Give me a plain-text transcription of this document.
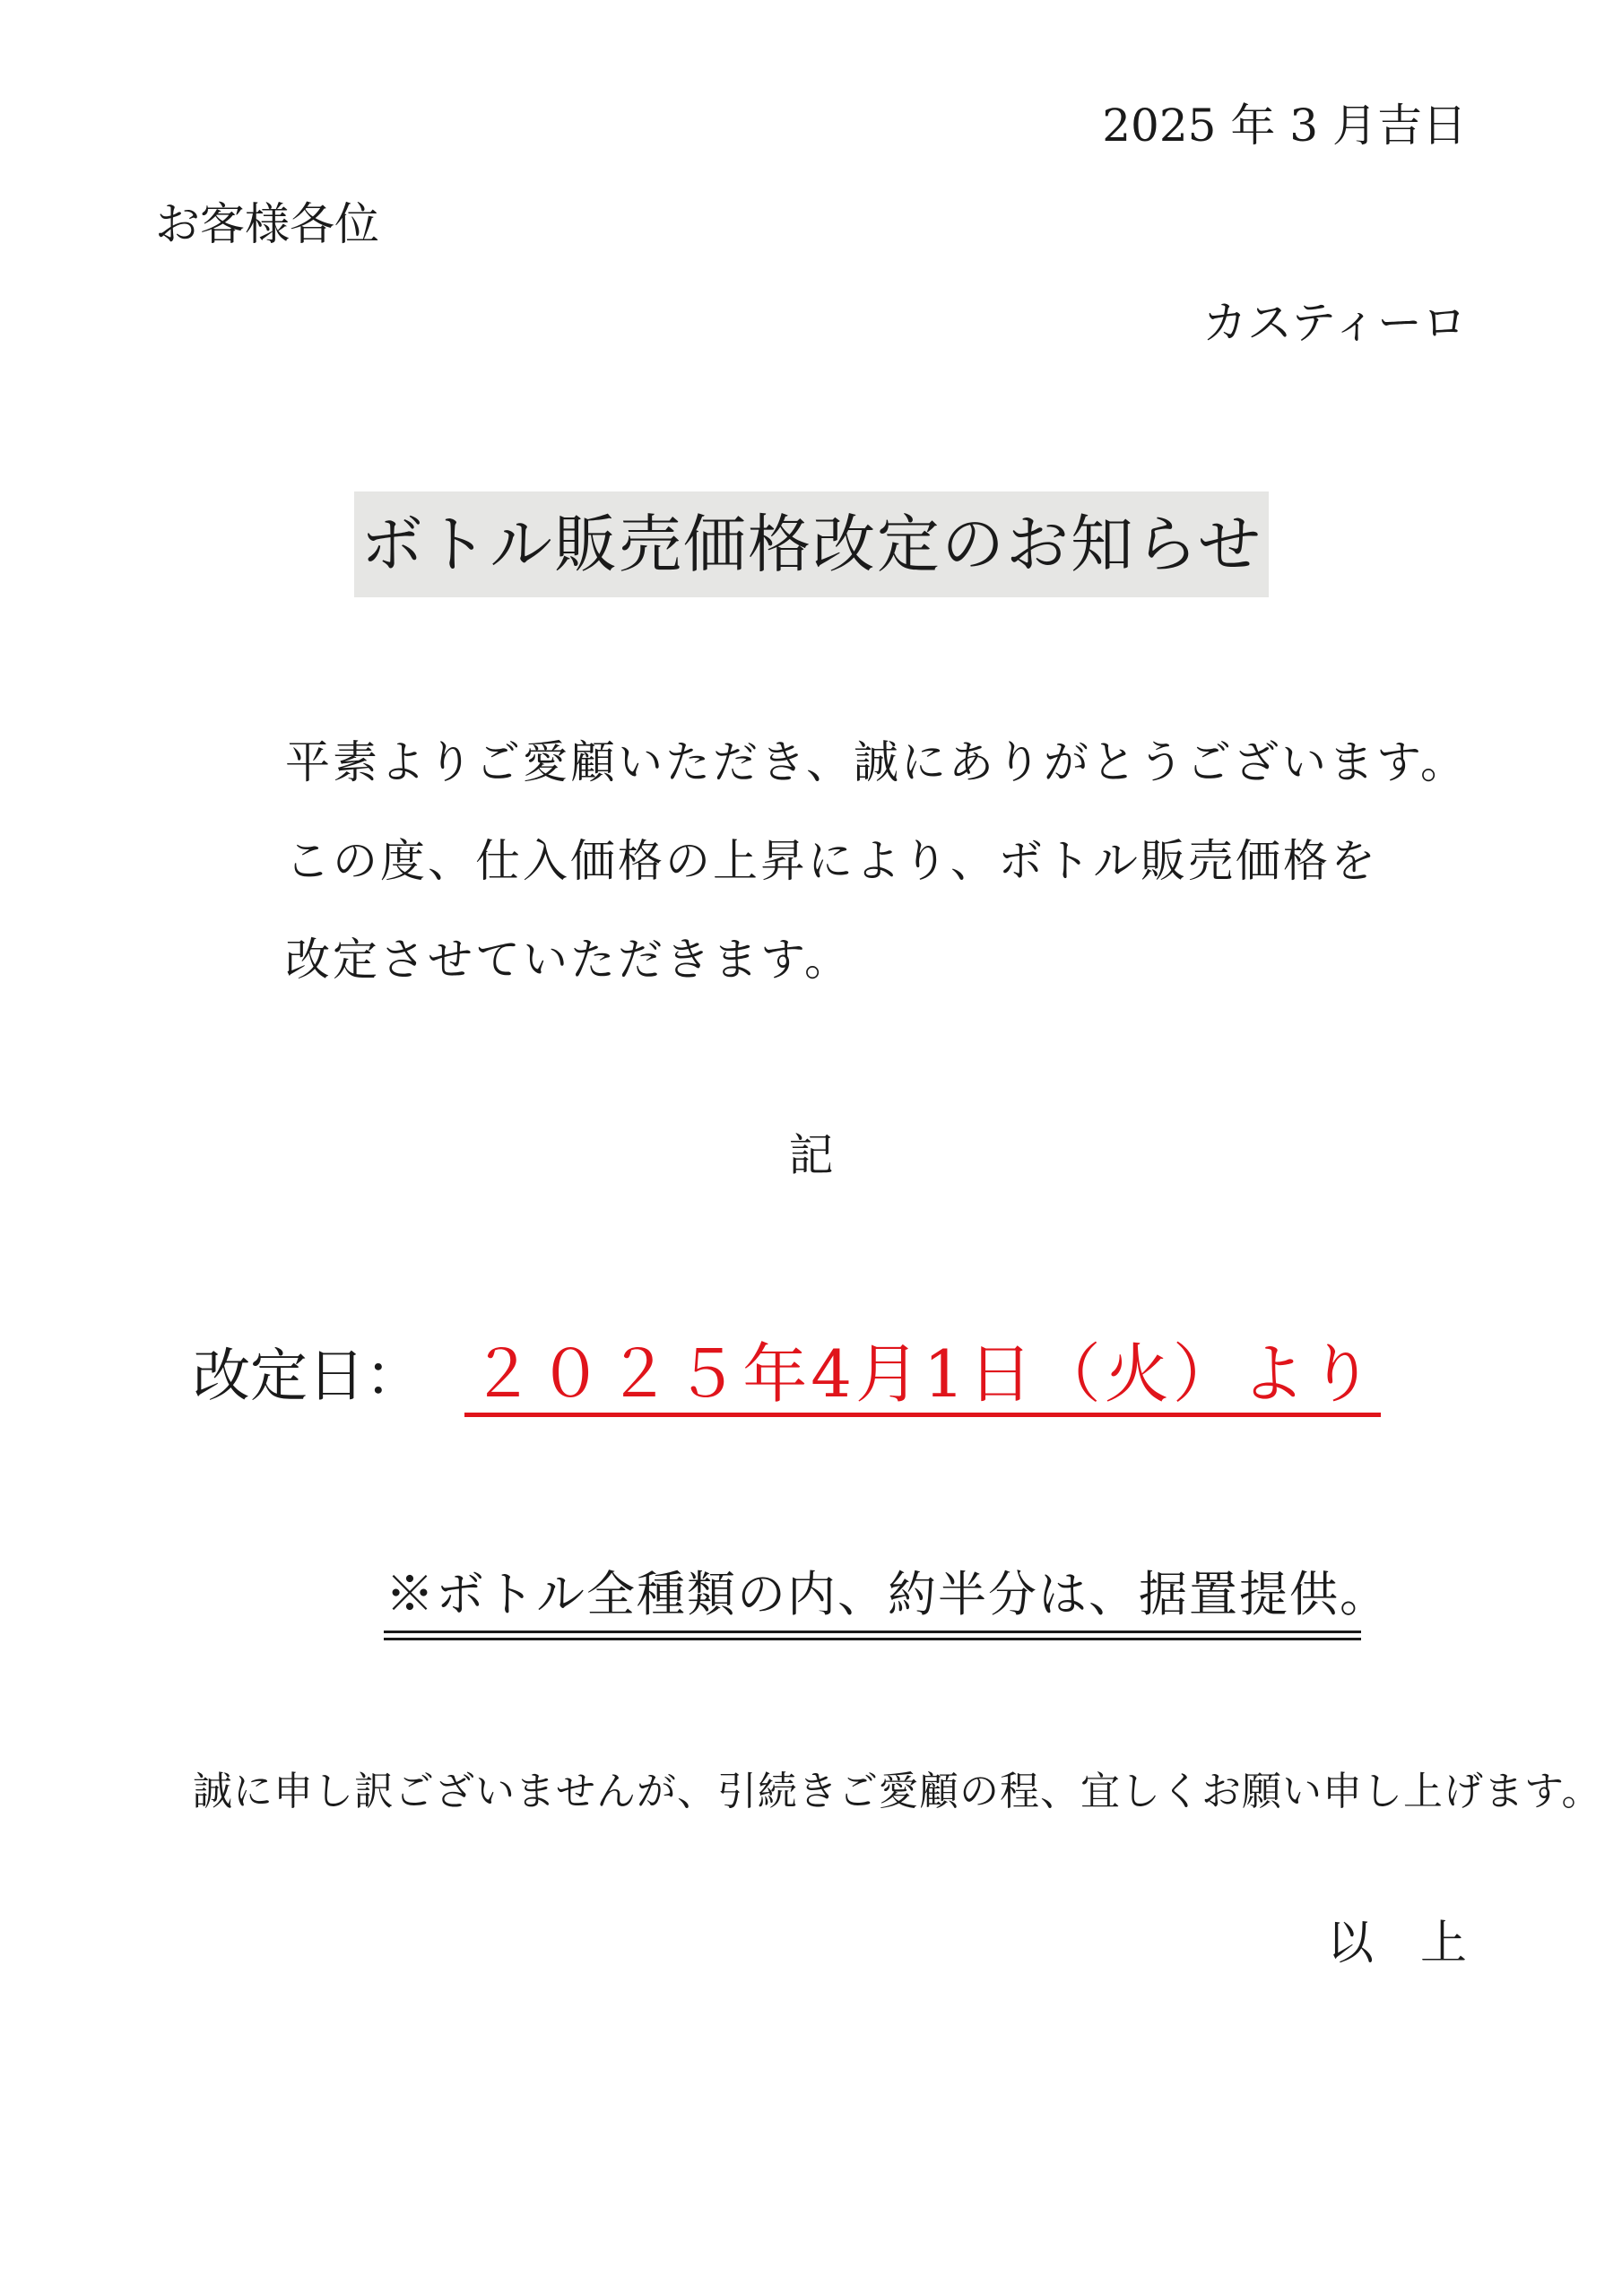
2025 年 3 月吉日
お客様各位
カスティーロ
ボトル販売価格改定のお知らせ
平素よりご愛顧いただき、誠にありがとうございます。
この度、仕入価格の上昇により、ボトル販売価格を
改定させていただきます。
記
改定日： ２０２５年4月1日（火）より
※ボトル全種類の内、約半分は、据置提供。
誠に申し訳ございませんが、引続きご愛顧の程、宜しくお願い申し上げます。
以　上
